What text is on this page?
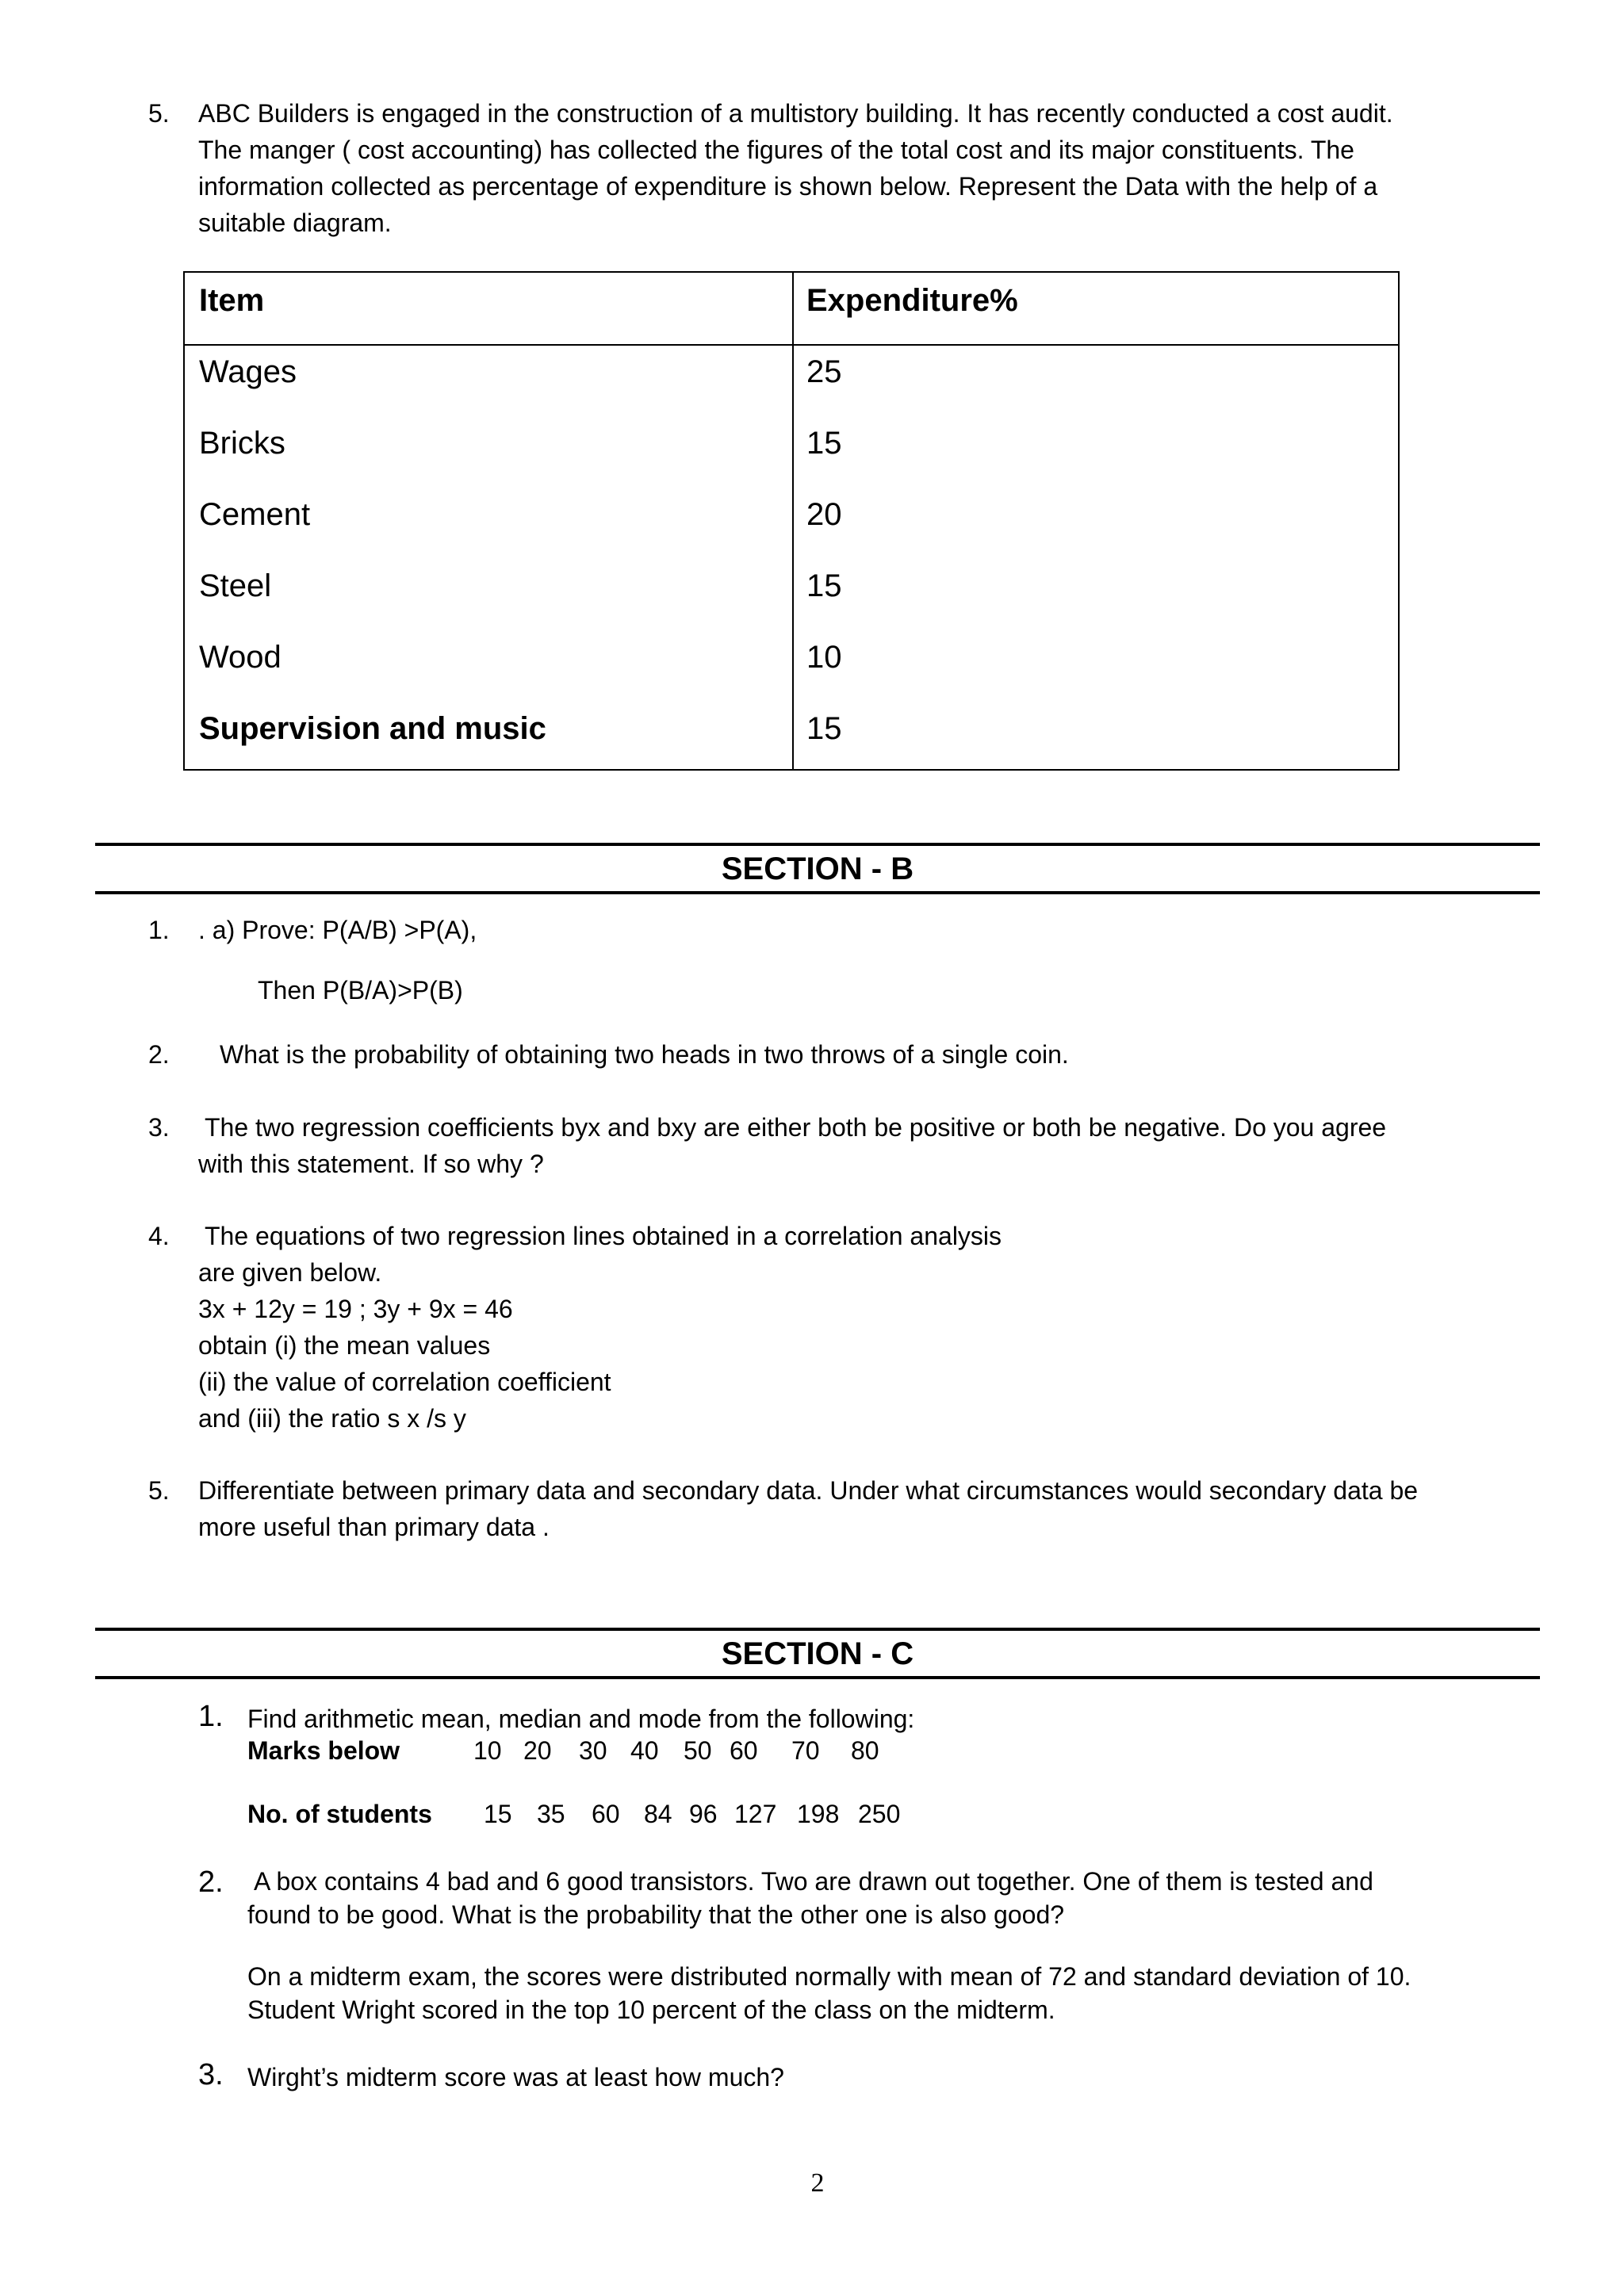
5. ABC Builders is engaged in the construction of a multistory building. It has recently conducted a cost audit.
The manger ( cost accounting) has collected the figures of the total cost and its major constituents. The
information collected as percentage of expenditure is shown below. Represent the Data with the help of a
suitable diagram.
Item	Expenditure%
Wages	25
Bricks	15
Cement	20
Steel	15
Wood	10
Supervision and music	15
SECTION - B
1. . a) Prove: P(A/B) >P(A),
Then P(B/A)>P(B)
2. What is the probability of obtaining two heads in two throws of a single coin.
3. The two regression coefficients byx and bxy are either both be positive or both be negative. Do you agree
with this statement. If so why ?
4. The equations of two regression lines obtained in a correlation analysis
are given below.
3x + 12y = 19 ; 3y + 9x = 46
obtain (i) the mean values
(ii) the value of correlation coefficient
and (iii) the ratio s x /s y
5. Differentiate between primary data and secondary data. Under what circumstances would secondary data be
more useful than primary data .
SECTION - C
1. Find arithmetic mean, median and mode from the following:
Marks below	10 20 30 40 50 60 70 80
No. of students 15 35 60 84 96 127 198 250
2. A box contains 4 bad and 6 good transistors. Two are drawn out together. One of them is tested and
found to be good. What is the probability that the other one is also good?
On a midterm exam, the scores were distributed normally with mean of 72 and standard deviation of 10.
Student Wright scored in the top 10 percent of the class on the midterm.
3. Wirght’s midterm score was at least how much?
2
